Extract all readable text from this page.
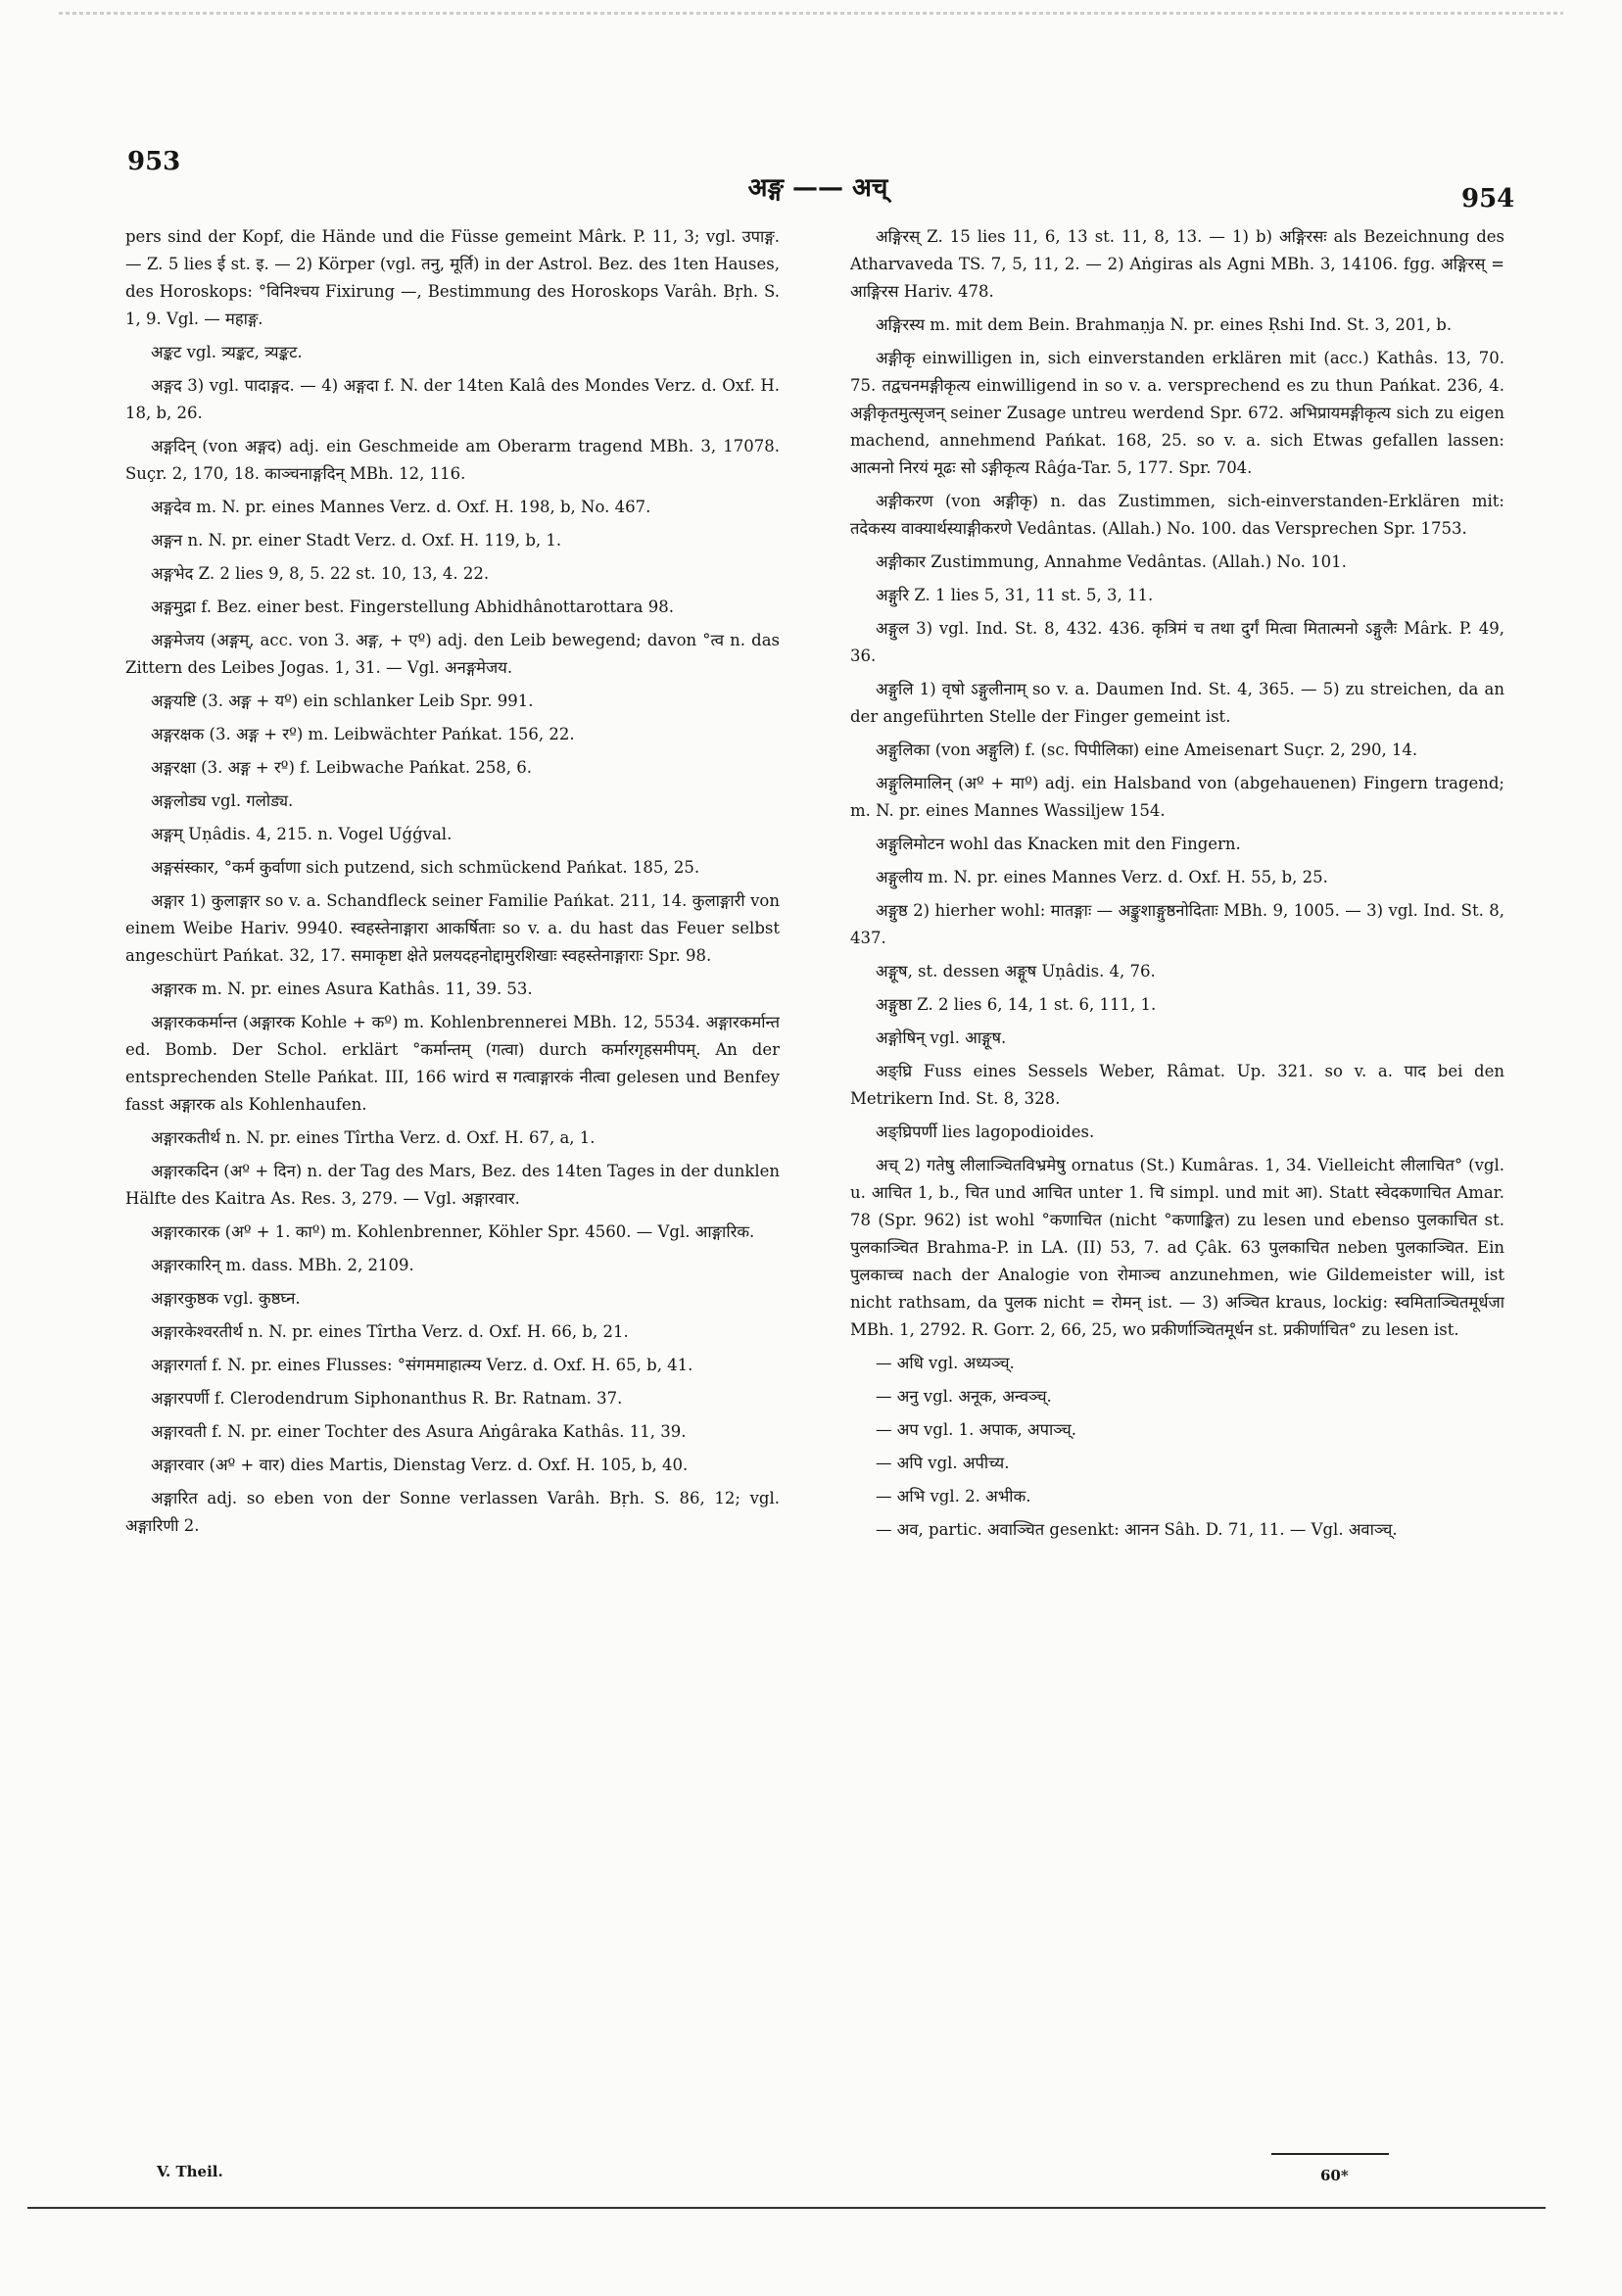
953
अङ्ग —— अच्	954

pers sind der Kopf, die Hände und die Füsse gemeint Mârk. P. 11, 3; vgl. उपाङ्ग. — Z. 5 lies ई st. इ. — 2) Körper (vgl. तनु, मूर्ति) in der Astrol. Bez. des 1ten Hauses, des Horoskops: °विनिश्चय Fixirung —, Bestimmung des Horoskops Varâh. Bṛh. S. 1, 9. Vgl. — महाङ्ग.

अङ्कट vgl. त्र्यङ्कट, त्र्यङ्कट.

अङ्गद 3) vgl. पादाङ्गद. — 4) अङ्गदा f. N. der 14ten Kalâ des Mondes Verz. d. Oxf. H. 18, b, 26.

अङ्गदिन् (von अङ्गद) adj. ein Geschmeide am Oberarm tragend MBh. 3, 17078. Suçr. 2, 170, 18. काञ्चनाङ्गदिन् MBh. 12, 116.

अङ्गदेव m. N. pr. eines Mannes Verz. d. Oxf. H. 198, b, No. 467.

अङ्गन n. N. pr. einer Stadt Verz. d. Oxf. H. 119, b, 1.

अङ्गभेद Z. 2 lies 9, 8, 5. 22 st. 10, 13, 4. 22.

अङ्गमुद्रा f. Bez. einer best. Fingerstellung Abhidhânottarottara 98.

अङ्गमेजय (अङ्गम्, acc. von 3. अङ्ग, + एº) adj. den Leib bewegend; davon °त्व n. das Zittern des Leibes Jogas. 1, 31. — Vgl. अनङ्गमेजय.

अङ्गयष्टि (3. अङ्ग + यº) ein schlanker Leib Spr. 991.

अङ्गरक्षक (3. अङ्ग + रº) m. Leibwächter Pańkat. 156, 22.

अङ्गरक्षा (3. अङ्ग + रº) f. Leibwache Pańkat. 258, 6.

अङ्गलोड्य vgl. गलोड्य.

अङ्गम् Uṇâdis. 4, 215. n. Vogel Uǵǵval.

अङ्गसंस्कार, °कर्म कुर्वाणा sich putzend, sich schmückend Pańkat. 185, 25.

अङ्गार 1) कुलाङ्गार so v. a. Schandfleck seiner Familie Pańkat. 211, 14. कुलाङ्गारी von einem Weibe Hariv. 9940. स्वहस्तेनाङ्गारा आकर्षिताः so v. a. du hast das Feuer selbst angeschürt Pańkat. 32, 17. समाकृष्टा क्षेते प्रलयदहनोद्दामुरशिखाः स्वहस्तेनाङ्गाराः Spr. 98.

अङ्गारक m. N. pr. eines Asura Kathâs. 11, 39. 53.

अङ्गारककर्मान्त (अङ्गारक Kohle + कº) m. Kohlenbrennerei MBh. 12, 5534. अङ्गारकर्मान्त ed. Bomb. Der Schol. erklärt °कर्मान्तम् (गत्वा) durch कर्मारगृहसमीपम्. An der entsprechenden Stelle Pańkat. III, 166 wird स गत्वाङ्गारकं नीत्वा gelesen und Benfey fasst अङ्गारक als Kohlenhaufen.

अङ्गारकतीर्थ n. N. pr. eines Tîrtha Verz. d. Oxf. H. 67, a, 1.

अङ्गारकदिन (अº + दिन) n. der Tag des Mars, Bez. des 14ten Tages in der dunklen Hälfte des Kaitra As. Res. 3, 279. — Vgl. अङ्गारवार.

अङ्गारकारक (अº + 1. काº) m. Kohlenbrenner, Köhler Spr. 4560. — Vgl. आङ्गारिक.

अङ्गारकारिन् m. dass. MBh. 2, 2109.

अङ्गारकुष्ठक vgl. कुष्ठघ्न.

अङ्गारकेश्वरतीर्थ n. N. pr. eines Tîrtha Verz. d. Oxf. H. 66, b, 21.

अङ्गारगर्ता f. N. pr. eines Flusses: °संगममाहात्म्य Verz. d. Oxf. H. 65, b, 41.

अङ्गारपर्णी f. Clerodendrum Siphonanthus R. Br. Ratnam. 37.

अङ्गारवती f. N. pr. einer Tochter des Asura Aṅgâraka Kathâs. 11, 39.

अङ्गारवार (अº + वार) dies Martis, Dienstag Verz. d. Oxf. H. 105, b, 40.

अङ्गारित adj. so eben von der Sonne verlassen Varâh. Bṛh. S. 86, 12; vgl. अङ्गारिणी 2.

अङ्गिरस् Z. 15 lies 11, 6, 13 st. 11, 8, 13. — 1) b) अङ्गिरसः als Bezeichnung des Atharvaveda TS. 7, 5, 11, 2. — 2) Aṅgiras als Agni MBh. 3, 14106. fgg. अङ्गिरस् = आङ्गिरस Hariv. 478.

अङ्गिरस्य m. mit dem Bein. Brahmaṇja N. pr. eines Ṛshi Ind. St. 3, 201, b.

अङ्गीकृ einwilligen in, sich einverstanden erklären mit (acc.) Kathâs. 13, 70. 75. तद्वचनमङ्गीकृत्य einwilligend in so v. a. versprechend es zu thun Pańkat. 236, 4. अङ्गीकृतमुत्सृजन् seiner Zusage untreu werdend Spr. 672. अभिप्रायमङ्गीकृत्य sich zu eigen machend, annehmend Pańkat. 168, 25. so v. a. sich Etwas gefallen lassen: आत्मनो निरयं मूढः सो ऽङ्गीकृत्य Râǵa-Tar. 5, 177. Spr. 704.

अङ्गीकरण (von अङ्गीकृ) n. das Zustimmen, sich-einverstanden-Erklären mit: तदेकस्य वाक्यार्थस्याङ्गीकरणे Vedântas. (Allah.) No. 100. das Versprechen Spr. 1753.

अङ्गीकार Zustimmung, Annahme Vedântas. (Allah.) No. 101.

अङ्गुरि Z. 1 lies 5, 31, 11 st. 5, 3, 11.

अङ्गुल 3) vgl. Ind. St. 8, 432. 436. कृत्रिमं च तथा दुर्गं मित्वा मितात्मनो ऽङ्गुलैः Mârk. P. 49, 36.

अङ्गुलि 1) वृषो ऽङ्गुलीनाम् so v. a. Daumen Ind. St. 4, 365. — 5) zu streichen, da an der angeführten Stelle der Finger gemeint ist.

अङ्गुलिका (von अङ्गुलि) f. (sc. पिपीलिका) eine Ameisenart Suçr. 2, 290, 14.

अङ्गुलिमालिन् (अº + माº) adj. ein Halsband von (abgehauenen) Fingern tragend; m. N. pr. eines Mannes Wassiljew 154.

अङ्गुलिमोटन wohl das Knacken mit den Fingern.

अङ्गुलीय m. N. pr. eines Mannes Verz. d. Oxf. H. 55, b, 25.

अङ्गुष्ठ 2) hierher wohl: मातङ्गाः — अङ्कुशाङ्गुष्ठनोदिताः MBh. 9, 1005. — 3) vgl. Ind. St. 8, 437.

अङ्गूष, st. dessen अङ्गूष Uṇâdis. 4, 76.

अङ्गुष्ठा Z. 2 lies 6, 14, 1 st. 6, 111, 1.

अङ्गोषिन् vgl. आङ्गूष.

अङ्घ्रि Fuss eines Sessels Weber, Râmat. Up. 321. so v. a. पाद bei den Metrikern Ind. St. 8, 328.

अङ्घ्रिपर्णी lies lagopodioides.

अच् 2) गतेषु लीलाञ्चितविभ्रमेषु ornatus (St.) Kumâras. 1, 34. Vielleicht लीलाचित° (vgl. u. आचित 1, b., चित und आचित unter 1. चि simpl. und mit आ). Statt स्वेदकणाचित Amar. 78 (Spr. 962) ist wohl °कणाचित (nicht °कणाङ्कित) zu lesen und ebenso पुलकाचित st. पुलकाञ्चित Brahma-P. in LA. (II) 53, 7. ad Çâk. 63 पुलकाचित neben पुलकाञ्चित. Ein पुलकाच्च nach der Analogie von रोमाञ्च anzunehmen, wie Gildemeister will, ist nicht rathsam, da पुलक nicht = रोमन् ist. — 3) अञ्चित kraus, lockig: स्वमिताञ्चितमूर्धजा MBh. 1, 2792. R. Gorr. 2, 66, 25, wo प्रकीर्णाञ्चितमूर्धन st. प्रकीर्णाचित° zu lesen ist.

— अधि vgl. अध्यञ्च्.

— अनु vgl. अनूक, अन्वञ्च्.

— अप vgl. 1. अपाक, अपाञ्च्.

— अपि vgl. अपीच्य.

— अभि vgl. 2. अभीक.

— अव, partic. अवाञ्चित gesenkt: आनन Sâh. D. 71, 11. — Vgl. अवाञ्च्.

V. Theil.	60*
